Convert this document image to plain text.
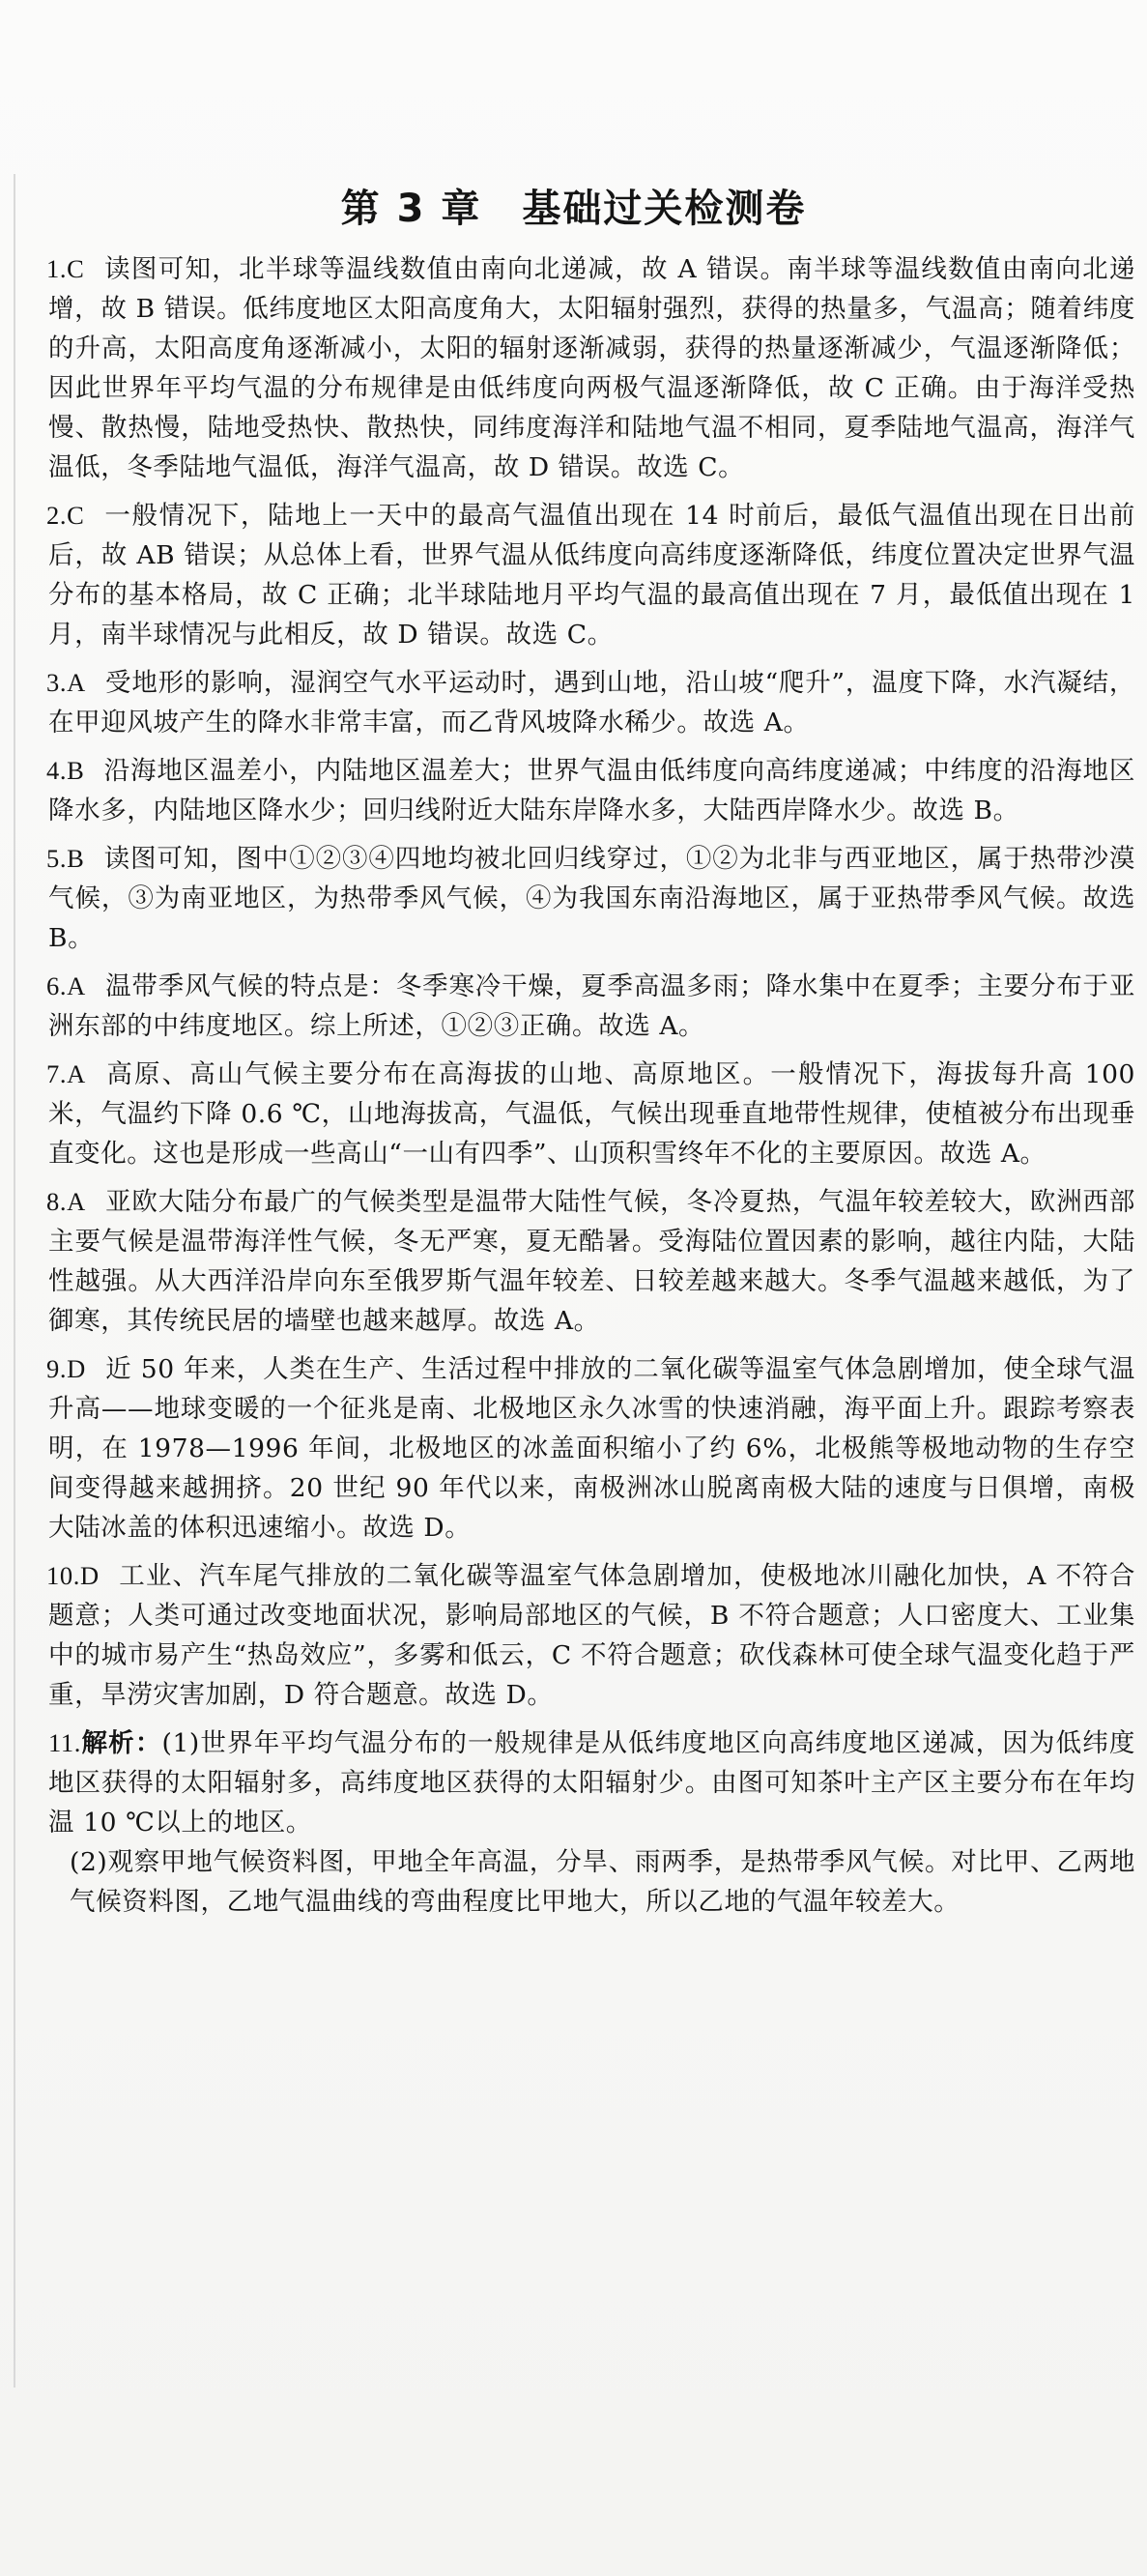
第 3 章　基础过关检测卷

1.C 读图可知，北半球等温线数值由南向北递减，故 A 错误。南半球等温线数值由南向北递增，故 B 错误。低纬度地区太阳高度角大，太阳辐射强烈，获得的热量多，气温高；随着纬度的升高，太阳高度角逐渐减小，太阳的辐射逐渐减弱，获得的热量逐渐减少，气温逐渐降低；因此世界年平均气温的分布规律是由低纬度向两极气温逐渐降低，故 C 正确。由于海洋受热慢、散热慢，陆地受热快、散热快，同纬度海洋和陆地气温不相同，夏季陆地气温高，海洋气温低，冬季陆地气温低，海洋气温高，故 D 错误。故选 C。

2.C 一般情况下，陆地上一天中的最高气温值出现在 14 时前后，最低气温值出现在日出前后，故 AB 错误；从总体上看，世界气温从低纬度向高纬度逐渐降低，纬度位置决定世界气温分布的基本格局，故 C 正确；北半球陆地月平均气温的最高值出现在 7 月，最低值出现在 1 月，南半球情况与此相反，故 D 错误。故选 C。

3.A 受地形的影响，湿润空气水平运动时，遇到山地，沿山坡“爬升”，温度下降，水汽凝结，在甲迎风坡产生的降水非常丰富，而乙背风坡降水稀少。故选 A。

4.B 沿海地区温差小，内陆地区温差大；世界气温由低纬度向高纬度递减；中纬度的沿海地区降水多，内陆地区降水少；回归线附近大陆东岸降水多，大陆西岸降水少。故选 B。

5.B 读图可知，图中①②③④四地均被北回归线穿过，①②为北非与西亚地区，属于热带沙漠气候，③为南亚地区，为热带季风气候，④为我国东南沿海地区，属于亚热带季风气候。故选 B。

6.A 温带季风气候的特点是：冬季寒冷干燥，夏季高温多雨；降水集中在夏季；主要分布于亚洲东部的中纬度地区。综上所述，①②③正确。故选 A。

7.A 高原、高山气候主要分布在高海拔的山地、高原地区。一般情况下，海拔每升高 100 米，气温约下降 0.6 ℃，山地海拔高，气温低，气候出现垂直地带性规律，使植被分布出现垂直变化。这也是形成一些高山“一山有四季”、山顶积雪终年不化的主要原因。故选 A。

8.A 亚欧大陆分布最广的气候类型是温带大陆性气候，冬冷夏热，气温年较差较大，欧洲西部主要气候是温带海洋性气候，冬无严寒，夏无酷暑。受海陆位置因素的影响，越往内陆，大陆性越强。从大西洋沿岸向东至俄罗斯气温年较差、日较差越来越大。冬季气温越来越低，为了御寒，其传统民居的墙壁也越来越厚。故选 A。

9.D 近 50 年来，人类在生产、生活过程中排放的二氧化碳等温室气体急剧增加，使全球气温升高——地球变暖的一个征兆是南、北极地区永久冰雪的快速消融，海平面上升。跟踪考察表明，在 1978—1996 年间，北极地区的冰盖面积缩小了约 6%，北极熊等极地动物的生存空间变得越来越拥挤。20 世纪 90 年代以来，南极洲冰山脱离南极大陆的速度与日俱增，南极大陆冰盖的体积迅速缩小。故选 D。

10.D 工业、汽车尾气排放的二氧化碳等温室气体急剧增加，使极地冰川融化加快，A 不符合题意；人类可通过改变地面状况，影响局部地区的气候，B 不符合题意；人口密度大、工业集中的城市易产生“热岛效应”，多雾和低云，C 不符合题意；砍伐森林可使全球气温变化趋于严重，旱涝灾害加剧，D 符合题意。故选 D。

11.解析：(1)世界年平均气温分布的一般规律是从低纬度地区向高纬度地区递减，因为低纬度地区获得的太阳辐射多，高纬度地区获得的太阳辐射少。由图可知茶叶主产区主要分布在年均温 10 ℃以上的地区。
(2)观察甲地气候资料图，甲地全年高温，分旱、雨两季，是热带季风气候。对比甲、乙两地气候资料图，乙地气温曲线的弯曲程度比甲地大，所以乙地的气温年较差大。
